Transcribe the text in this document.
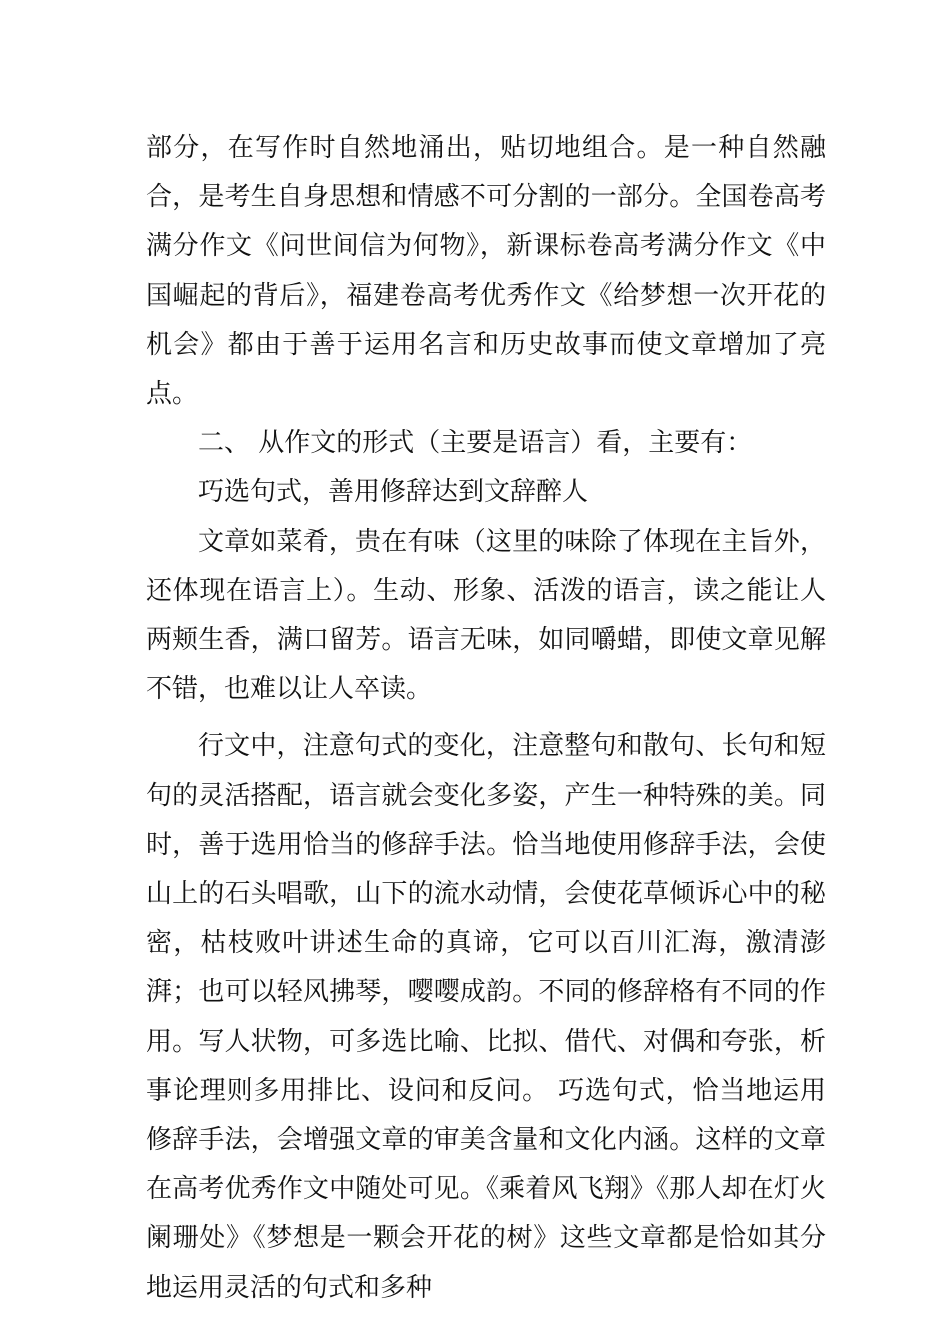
部分，在写作时自然地涌出，贴切地组合。是一种自然融合，是考生自身思想和情感不可分割的一部分。全国卷高考满分作文《问世间信为何物》，新课标卷高考满分作文《中国崛起的背后》，福建卷高考优秀作文《给梦想一次开花的机会》都由于善于运用名言和历史故事而使文章增加了亮点。

二、 从作文的形式（主要是语言）看，主要有：

巧选句式，善用修辞达到文辞醉人

文章如菜肴，贵在有味（这里的味除了体现在主旨外，还体现在语言上）。生动、形象、活泼的语言，读之能让人两颊生香，满口留芳。语言无味，如同嚼蜡，即使文章见解不错，也难以让人卒读。

行文中，注意句式的变化，注意整句和散句、长句和短句的灵活搭配，语言就会变化多姿，产生一种特殊的美。同时，善于选用恰当的修辞手法。恰当地使用修辞手法，会使山上的石头唱歌，山下的流水动情，会使花草倾诉心中的秘密，枯枝败叶讲述生命的真谛，它可以百川汇海，激清澎湃；也可以轻风拂琴，嘤嘤成韵。不同的修辞格有不同的作用。写人状物，可多选比喻、比拟、借代、对偶和夸张，析事论理则多用排比、设问和反问。 巧选句式，恰当地运用修辞手法，会增强文章的审美含量和文化内涵。这样的文章在高考优秀作文中随处可见。《乘着风飞翔》《那人却在灯火阑珊处》《梦想是一颗会开花的树》这些文章都是恰如其分地运用灵活的句式和多种
